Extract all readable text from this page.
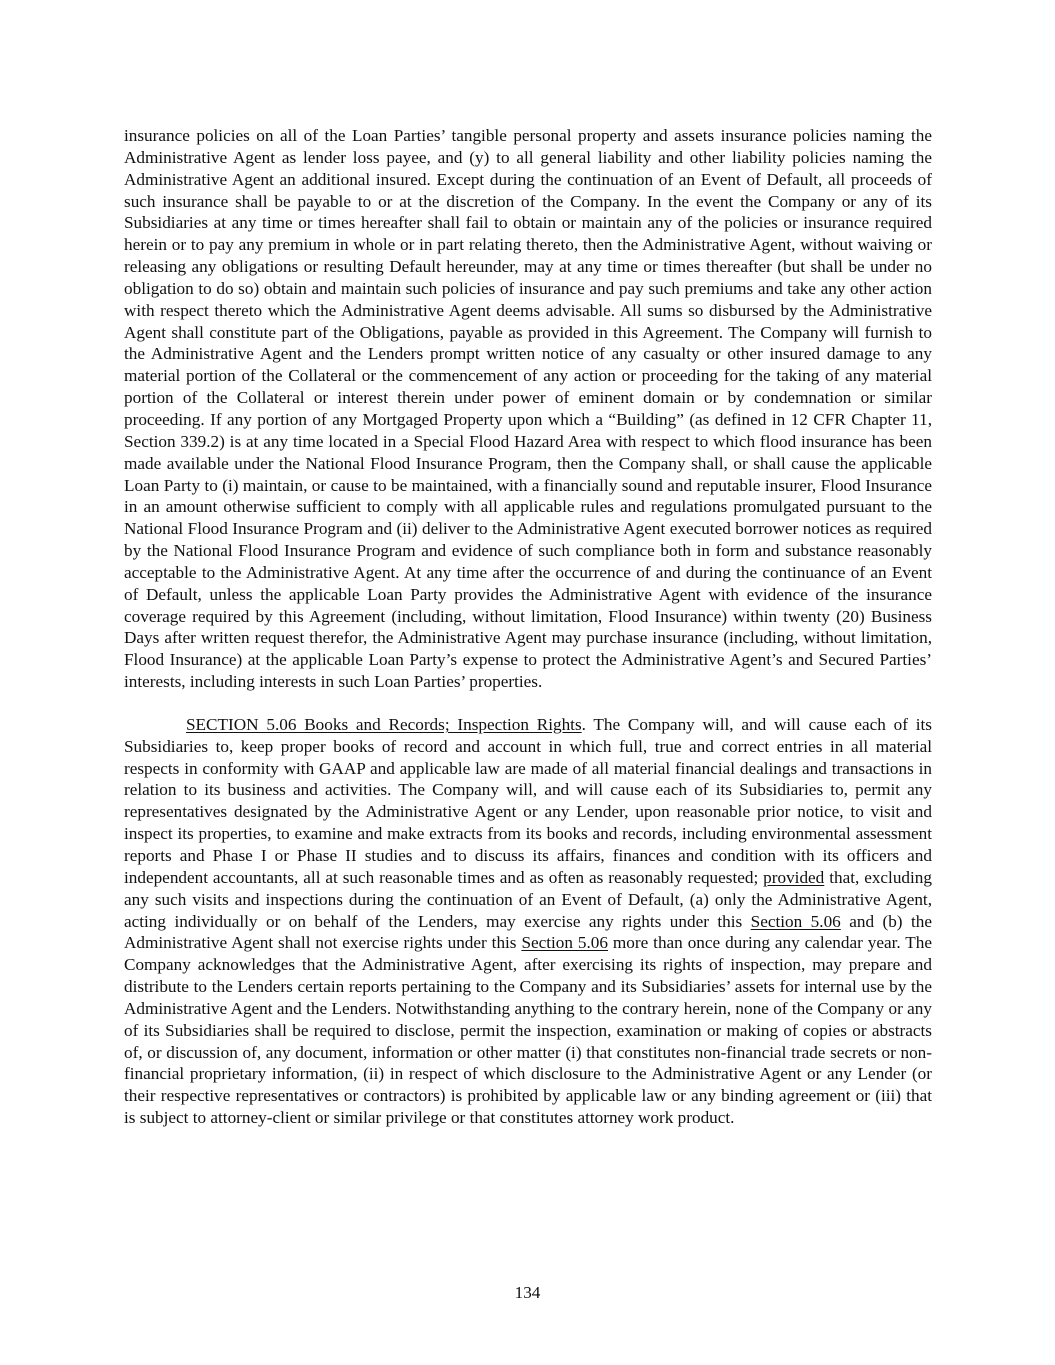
insurance policies on all of the Loan Parties’ tangible personal property and assets insurance policies naming the Administrative Agent as lender loss payee, and (y) to all general liability and other liability policies naming the Administrative Agent an additional insured. Except during the continuation of an Event of Default, all proceeds of such insurance shall be payable to or at the discretion of the Company. In the event the Company or any of its Subsidiaries at any time or times hereafter shall fail to obtain or maintain any of the policies or insurance required herein or to pay any premium in whole or in part relating thereto, then the Administrative Agent, without waiving or releasing any obligations or resulting Default hereunder, may at any time or times thereafter (but shall be under no obligation to do so) obtain and maintain such policies of insurance and pay such premiums and take any other action with respect thereto which the Administrative Agent deems advisable. All sums so disbursed by the Administrative Agent shall constitute part of the Obligations, payable as provided in this Agreement. The Company will furnish to the Administrative Agent and the Lenders prompt written notice of any casualty or other insured damage to any material portion of the Collateral or the commencement of any action or proceeding for the taking of any material portion of the Collateral or interest therein under power of eminent domain or by condemnation or similar proceeding. If any portion of any Mortgaged Property upon which a “Building” (as defined in 12 CFR Chapter 11, Section 339.2) is at any time located in a Special Flood Hazard Area with respect to which flood insurance has been made available under the National Flood Insurance Program, then the Company shall, or shall cause the applicable Loan Party to (i) maintain, or cause to be maintained, with a financially sound and reputable insurer, Flood Insurance in an amount otherwise sufficient to comply with all applicable rules and regulations promulgated pursuant to the National Flood Insurance Program and (ii) deliver to the Administrative Agent executed borrower notices as required by the National Flood Insurance Program and evidence of such compliance both in form and substance reasonably acceptable to the Administrative Agent. At any time after the occurrence of and during the continuance of an Event of Default, unless the applicable Loan Party provides the Administrative Agent with evidence of the insurance coverage required by this Agreement (including, without limitation, Flood Insurance) within twenty (20) Business Days after written request therefor, the Administrative Agent may purchase insurance (including, without limitation, Flood Insurance) at the applicable Loan Party’s expense to protect the Administrative Agent’s and Secured Parties’ interests, including interests in such Loan Parties’ properties.

SECTION 5.06 Books and Records; Inspection Rights. The Company will, and will cause each of its Subsidiaries to, keep proper books of record and account in which full, true and correct entries in all material respects in conformity with GAAP and applicable law are made of all material financial dealings and transactions in relation to its business and activities. The Company will, and will cause each of its Subsidiaries to, permit any representatives designated by the Administrative Agent or any Lender, upon reasonable prior notice, to visit and inspect its properties, to examine and make extracts from its books and records, including environmental assessment reports and Phase I or Phase II studies and to discuss its affairs, finances and condition with its officers and independent accountants, all at such reasonable times and as often as reasonably requested; provided that, excluding any such visits and inspections during the continuation of an Event of Default, (a) only the Administrative Agent, acting individually or on behalf of the Lenders, may exercise any rights under this Section 5.06 and (b) the Administrative Agent shall not exercise rights under this Section 5.06 more than once during any calendar year. The Company acknowledges that the Administrative Agent, after exercising its rights of inspection, may prepare and distribute to the Lenders certain reports pertaining to the Company and its Subsidiaries’ assets for internal use by the Administrative Agent and the Lenders. Notwithstanding anything to the contrary herein, none of the Company or any of its Subsidiaries shall be required to disclose, permit the inspection, examination or making of copies or abstracts of, or discussion of, any document, information or other matter (i) that constitutes non-financial trade secrets or non-financial proprietary information, (ii) in respect of which disclosure to the Administrative Agent or any Lender (or their respective representatives or contractors) is prohibited by applicable law or any binding agreement or (iii) that is subject to attorney-client or similar privilege or that constitutes attorney work product.

134
